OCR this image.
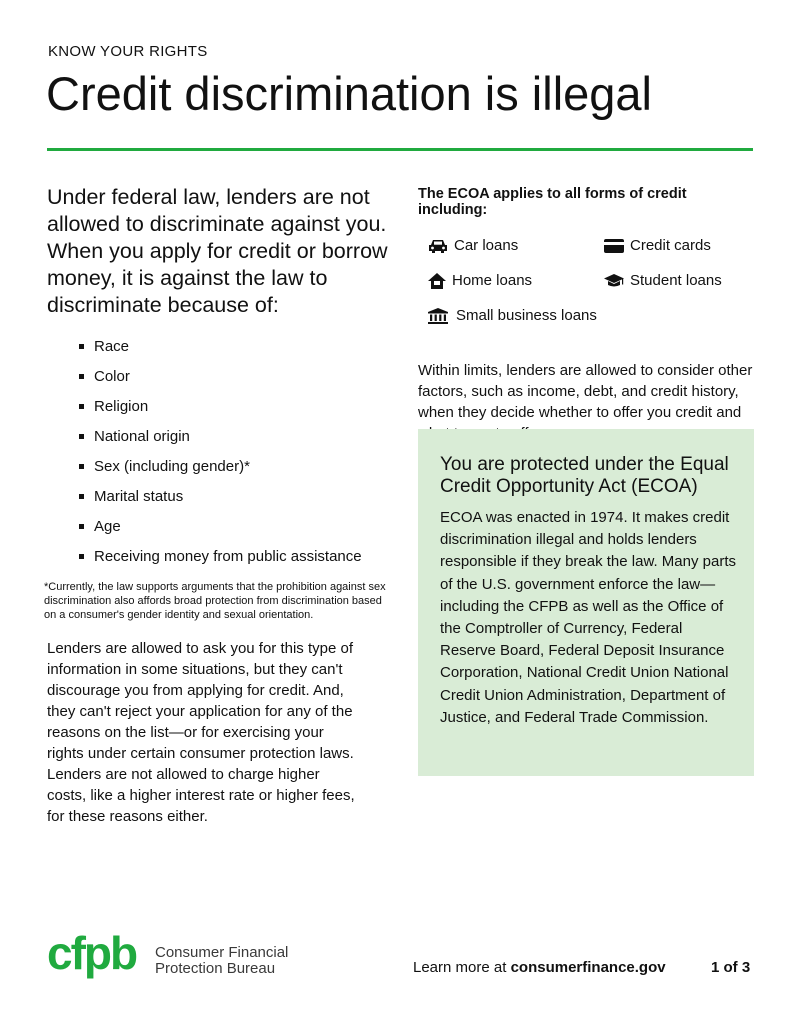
KNOW YOUR RIGHTS
Credit discrimination is illegal

Under federal law, lenders are not allowed to discriminate against you. When you apply for credit or borrow money, it is against the law to discriminate because of:

Race
Color
Religion
National origin
Sex (including gender)*
Marital status
Age
Receiving money from public assistance

*Currently, the law supports arguments that the prohibition against sex discrimination also affords broad protection from discrimination based on a consumer's gender identity and sexual orientation.

Lenders are allowed to ask you for this type of information in some situations, but they can't discourage you from applying for credit. And, they can't reject your application for any of the reasons on the list—or for exercising your rights under certain consumer protection laws. Lenders are not allowed to charge higher costs, like a higher interest rate or higher fees, for these reasons either.

The ECOA applies to all forms of credit including:

Car loans	Credit cards
Home loans	Student loans
Small business loans

Within limits, lenders are allowed to consider other factors, such as income, debt, and credit history, when they decide whether to offer you credit and

You are protected under the Equal Credit Opportunity Act (ECOA)

ECOA was enacted in 1974. It makes credit discrimination illegal and holds lenders responsible if they break the law. Many parts of the U.S. government enforce the law—including the CFPB as well as the Office of the Comptroller of Currency, Federal Reserve Board, Federal Deposit Insurance Corporation, National Credit Union National Credit Union Administration, Department of Justice, and Federal Trade Commission.

cfpb Consumer Financial Protection Bureau	Learn more at consumerfinance.gov	1 of 3
